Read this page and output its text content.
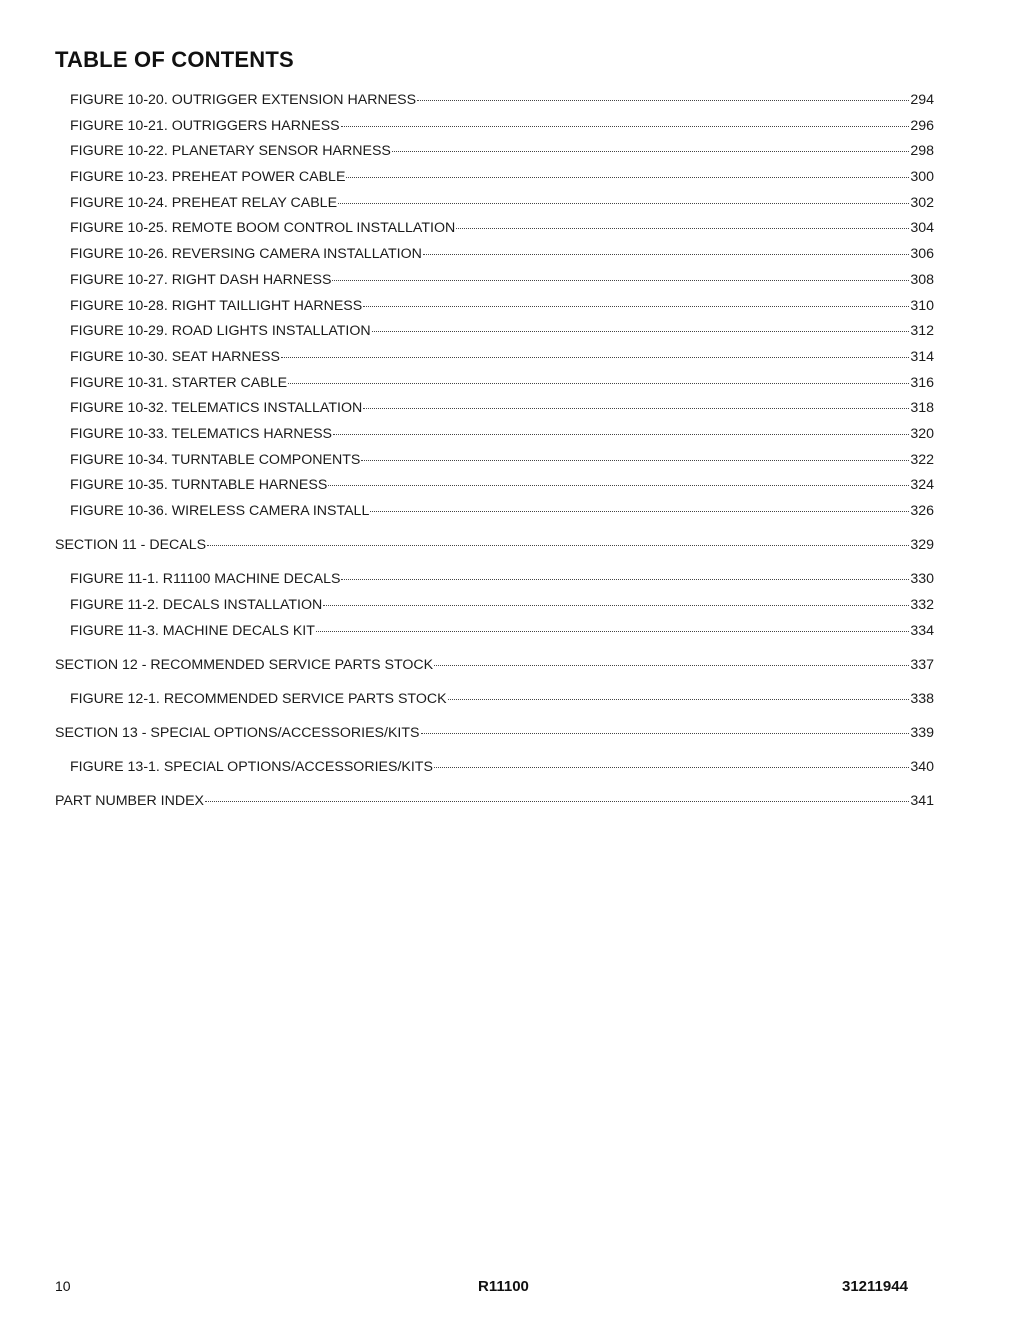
TABLE OF CONTENTS
FIGURE 10-20. OUTRIGGER EXTENSION HARNESS	294
FIGURE 10-21. OUTRIGGERS HARNESS	296
FIGURE 10-22. PLANETARY SENSOR HARNESS	298
FIGURE 10-23. PREHEAT POWER CABLE	300
FIGURE 10-24. PREHEAT RELAY CABLE	302
FIGURE 10-25. REMOTE BOOM CONTROL INSTALLATION	304
FIGURE 10-26. REVERSING CAMERA INSTALLATION	306
FIGURE 10-27. RIGHT DASH HARNESS	308
FIGURE 10-28. RIGHT TAILLIGHT HARNESS	310
FIGURE 10-29. ROAD LIGHTS INSTALLATION	312
FIGURE 10-30. SEAT HARNESS	314
FIGURE 10-31. STARTER CABLE	316
FIGURE 10-32. TELEMATICS INSTALLATION	318
FIGURE 10-33. TELEMATICS HARNESS	320
FIGURE 10-34. TURNTABLE COMPONENTS	322
FIGURE 10-35. TURNTABLE HARNESS	324
FIGURE 10-36. WIRELESS CAMERA INSTALL	326
SECTION 11 - DECALS	329
FIGURE 11-1. R11100 MACHINE DECALS	330
FIGURE 11-2. DECALS INSTALLATION	332
FIGURE 11-3. MACHINE DECALS KIT	334
SECTION 12 - RECOMMENDED SERVICE PARTS STOCK	337
FIGURE 12-1. RECOMMENDED SERVICE PARTS STOCK	338
SECTION 13 - SPECIAL OPTIONS/ACCESSORIES/KITS	339
FIGURE 13-1. SPECIAL OPTIONS/ACCESSORIES/KITS	340
PART NUMBER INDEX	341
10	R11100	31211944
